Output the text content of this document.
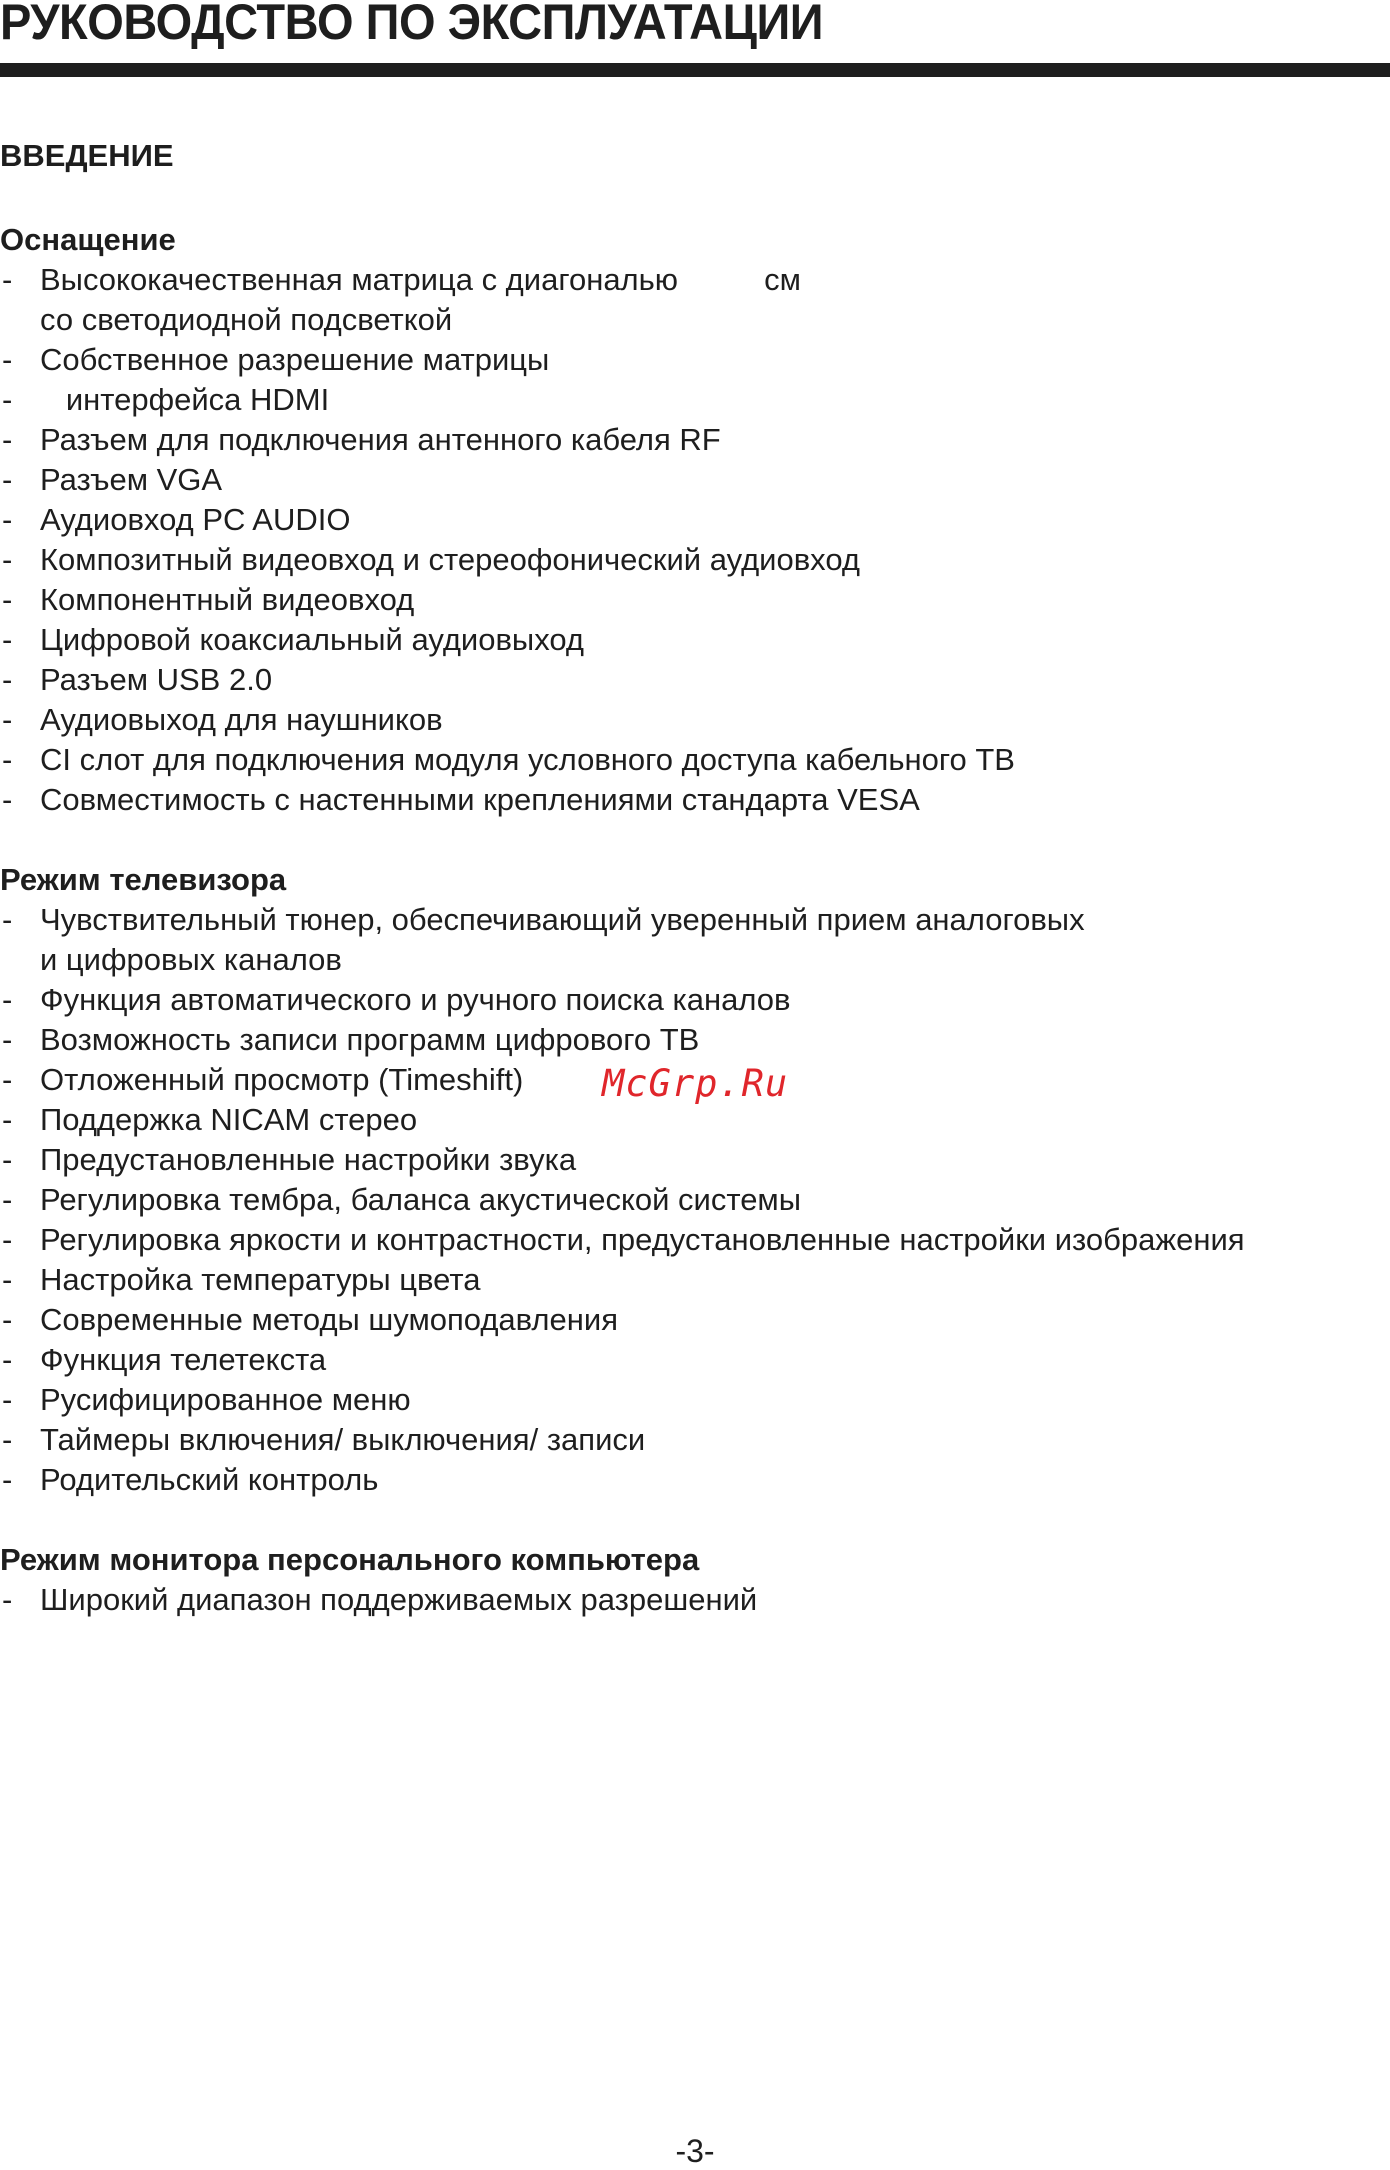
РУКОВОДСТВО ПО ЭКСПЛУАТАЦИИ
ВВЕДЕНИЕ
Оснащение
- Высококачественная матрица с диагональю          см
со светодиодной подсветкой
- Собственное разрешение матрицы
- интерфейса HDMI
- Разъем для подключения антенного кабеля RF
- Разъем VGA
- Аудиовход PC AUDIO
- Композитный видеовход и стереофонический аудиовход
- Компонентный видеовход
- Цифровой коаксиальный аудиовыход
- Разъем USB 2.0
- Аудиовыход для наушников
- CI слот для подключения модуля условного доступа кабельного ТВ
- Совместимость с настенными креплениями стандарта VESA
Режим телевизора
- Чувствительный тюнер, обеспечивающий уверенный прием аналоговых
и цифровых каналов
- Функция автоматического и ручного поиска каналов
- Возможность записи программ цифрового ТВ
- Отложенный просмотр (Timeshift)
- Поддержка NICAM стерео
- Предустановленные настройки звука
- Регулировка тембра, баланса акустической системы
- Регулировка яркости и контрастности, предустановленные настройки изображения
- Настройка температуры цвета
- Современные методы шумоподавления
- Функция телетекста
- Русифицированное меню
- Таймеры включения/ выключения/ записи
- Родительский контроль
Режим монитора персонального компьютера
- Широкий диапазон поддерживаемых разрешений
McGrp.Ru
-3-
